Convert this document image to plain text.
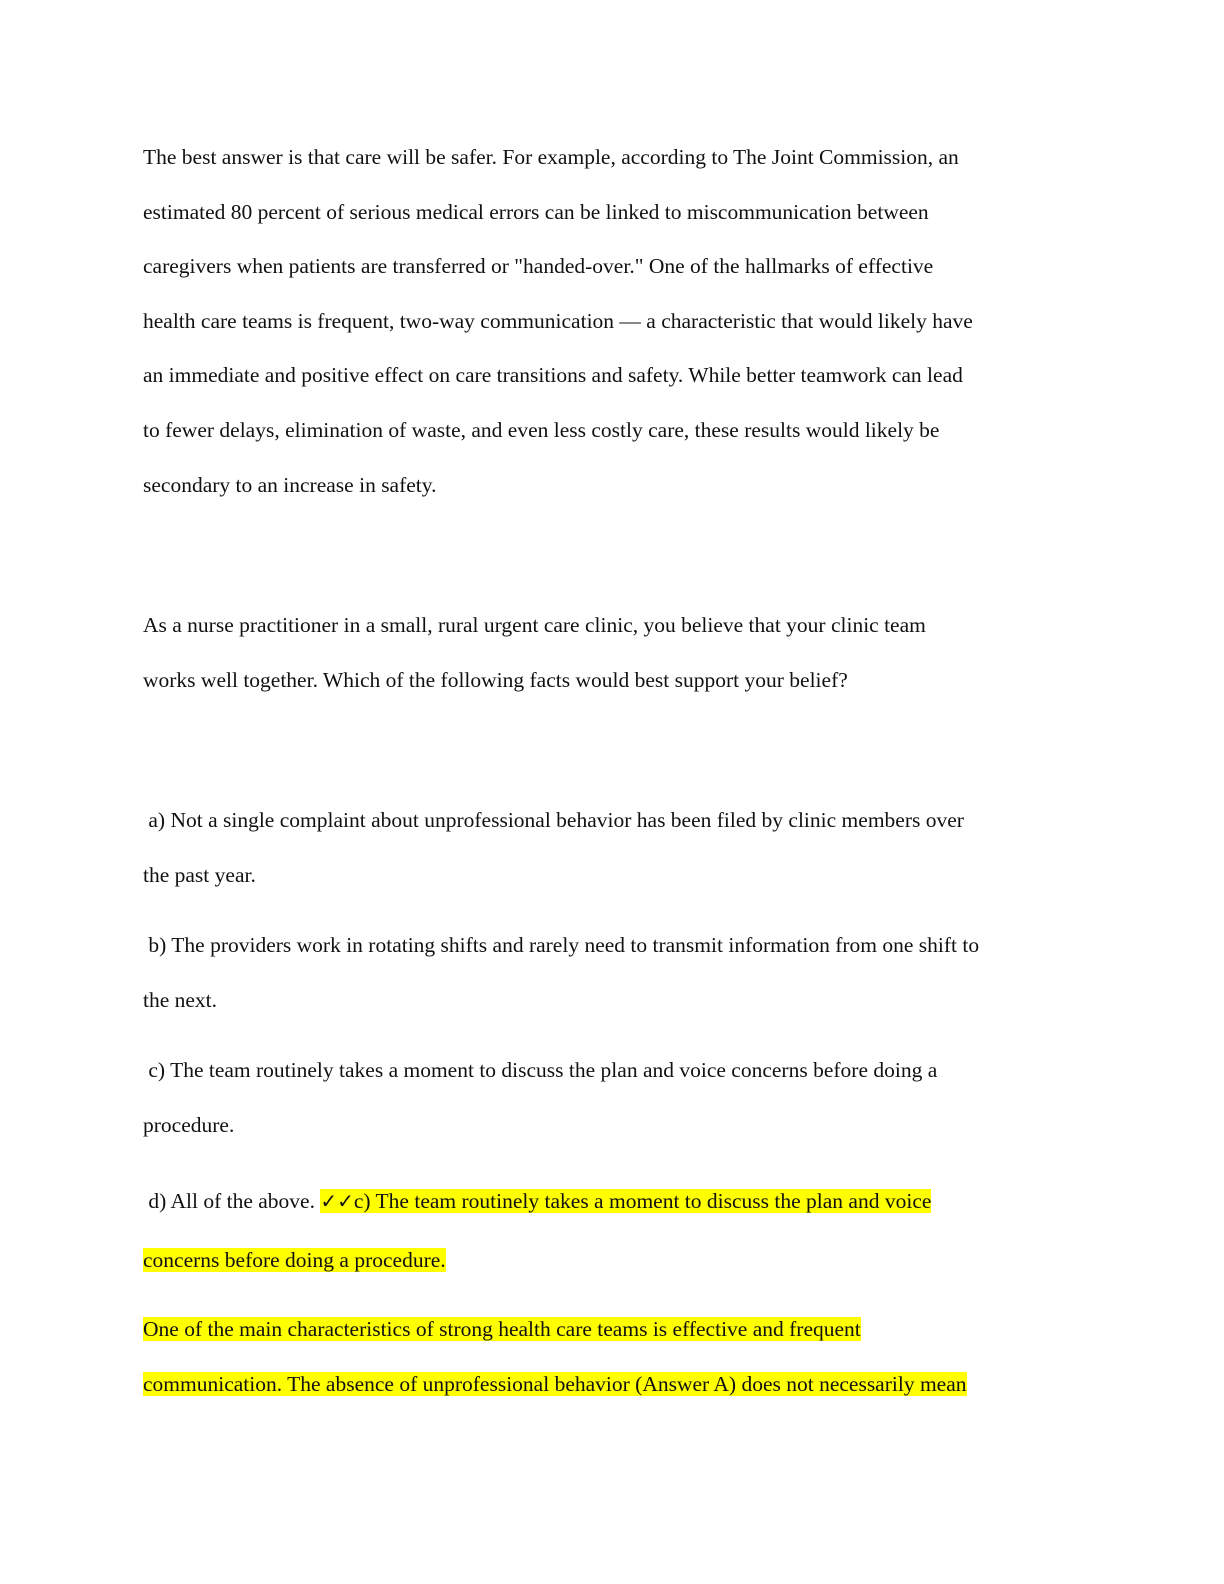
The best answer is that care will be safer. For example, according to The Joint Commission, an
estimated 80 percent of serious medical errors can be linked to miscommunication between
caregivers when patients are transferred or "handed-over." One of the hallmarks of effective
health care teams is frequent, two-way communication — a characteristic that would likely have
an immediate and positive effect on care transitions and safety. While better teamwork can lead
to fewer delays, elimination of waste, and even less costly care, these results would likely be
secondary to an increase in safety.

As a nurse practitioner in a small, rural urgent care clinic, you believe that your clinic team
works well together. Which of the following facts would best support your belief?

a) Not a single complaint about unprofessional behavior has been filed by clinic members over
the past year.

b) The providers work in rotating shifts and rarely need to transmit information from one shift to
the next.

c) The team routinely takes a moment to discuss the plan and voice concerns before doing a
procedure.

d) All of the above. ✓✓c) The team routinely takes a moment to discuss the plan and voice
concerns before doing a procedure.

One of the main characteristics of strong health care teams is effective and frequent
communication. The absence of unprofessional behavior (Answer A) does not necessarily mean
